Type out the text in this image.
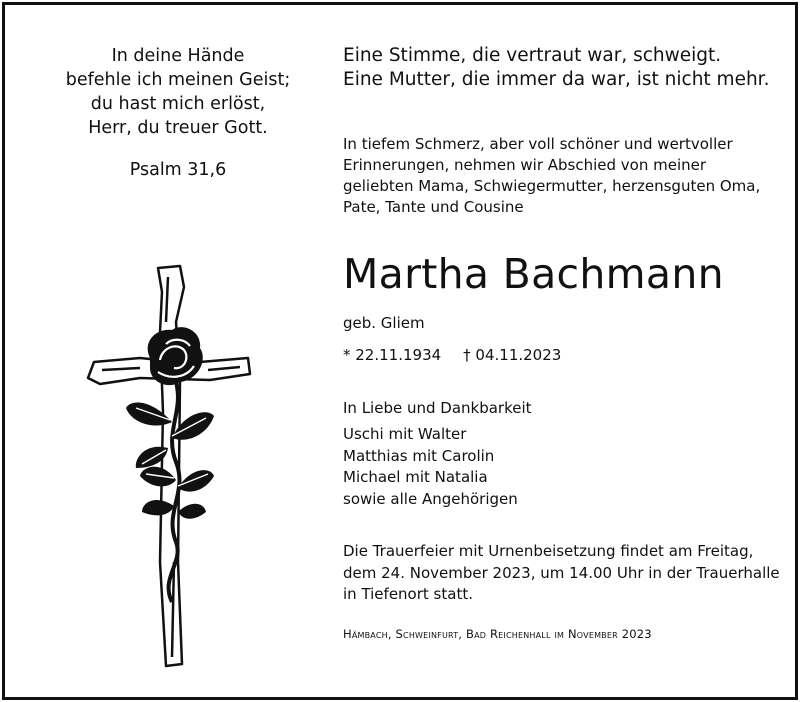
In deine Hände
befehle ich meinen Geist;
du hast mich erlöst,
Herr, du treuer Gott.
Psalm 31,6
Eine Stimme, die vertraut war, schweigt.
Eine Mutter, die immer da war, ist nicht mehr.
In tiefem Schmerz, aber voll schöner und wertvoller
Erinnerungen, nehmen wir Abschied von meiner
geliebten Mama, Schwiegermutter, herzensguten Oma,
Pate, Tante und Cousine
Martha Bachmann
geb. Gliem
* 22.11.1934 † 04.11.2023
In Liebe und Dankbarkeit
Uschi mit Walter
Matthias mit Carolin
Michael mit Natalia
sowie alle Angehörigen
Die Trauerfeier mit Urnenbeisetzung findet am Freitag,
dem 24. November 2023, um 14.00 Uhr in der Trauerhalle
in Tiefenort statt.
Hämbach, Schweinfurt, Bad Reichenhall im November 2023
